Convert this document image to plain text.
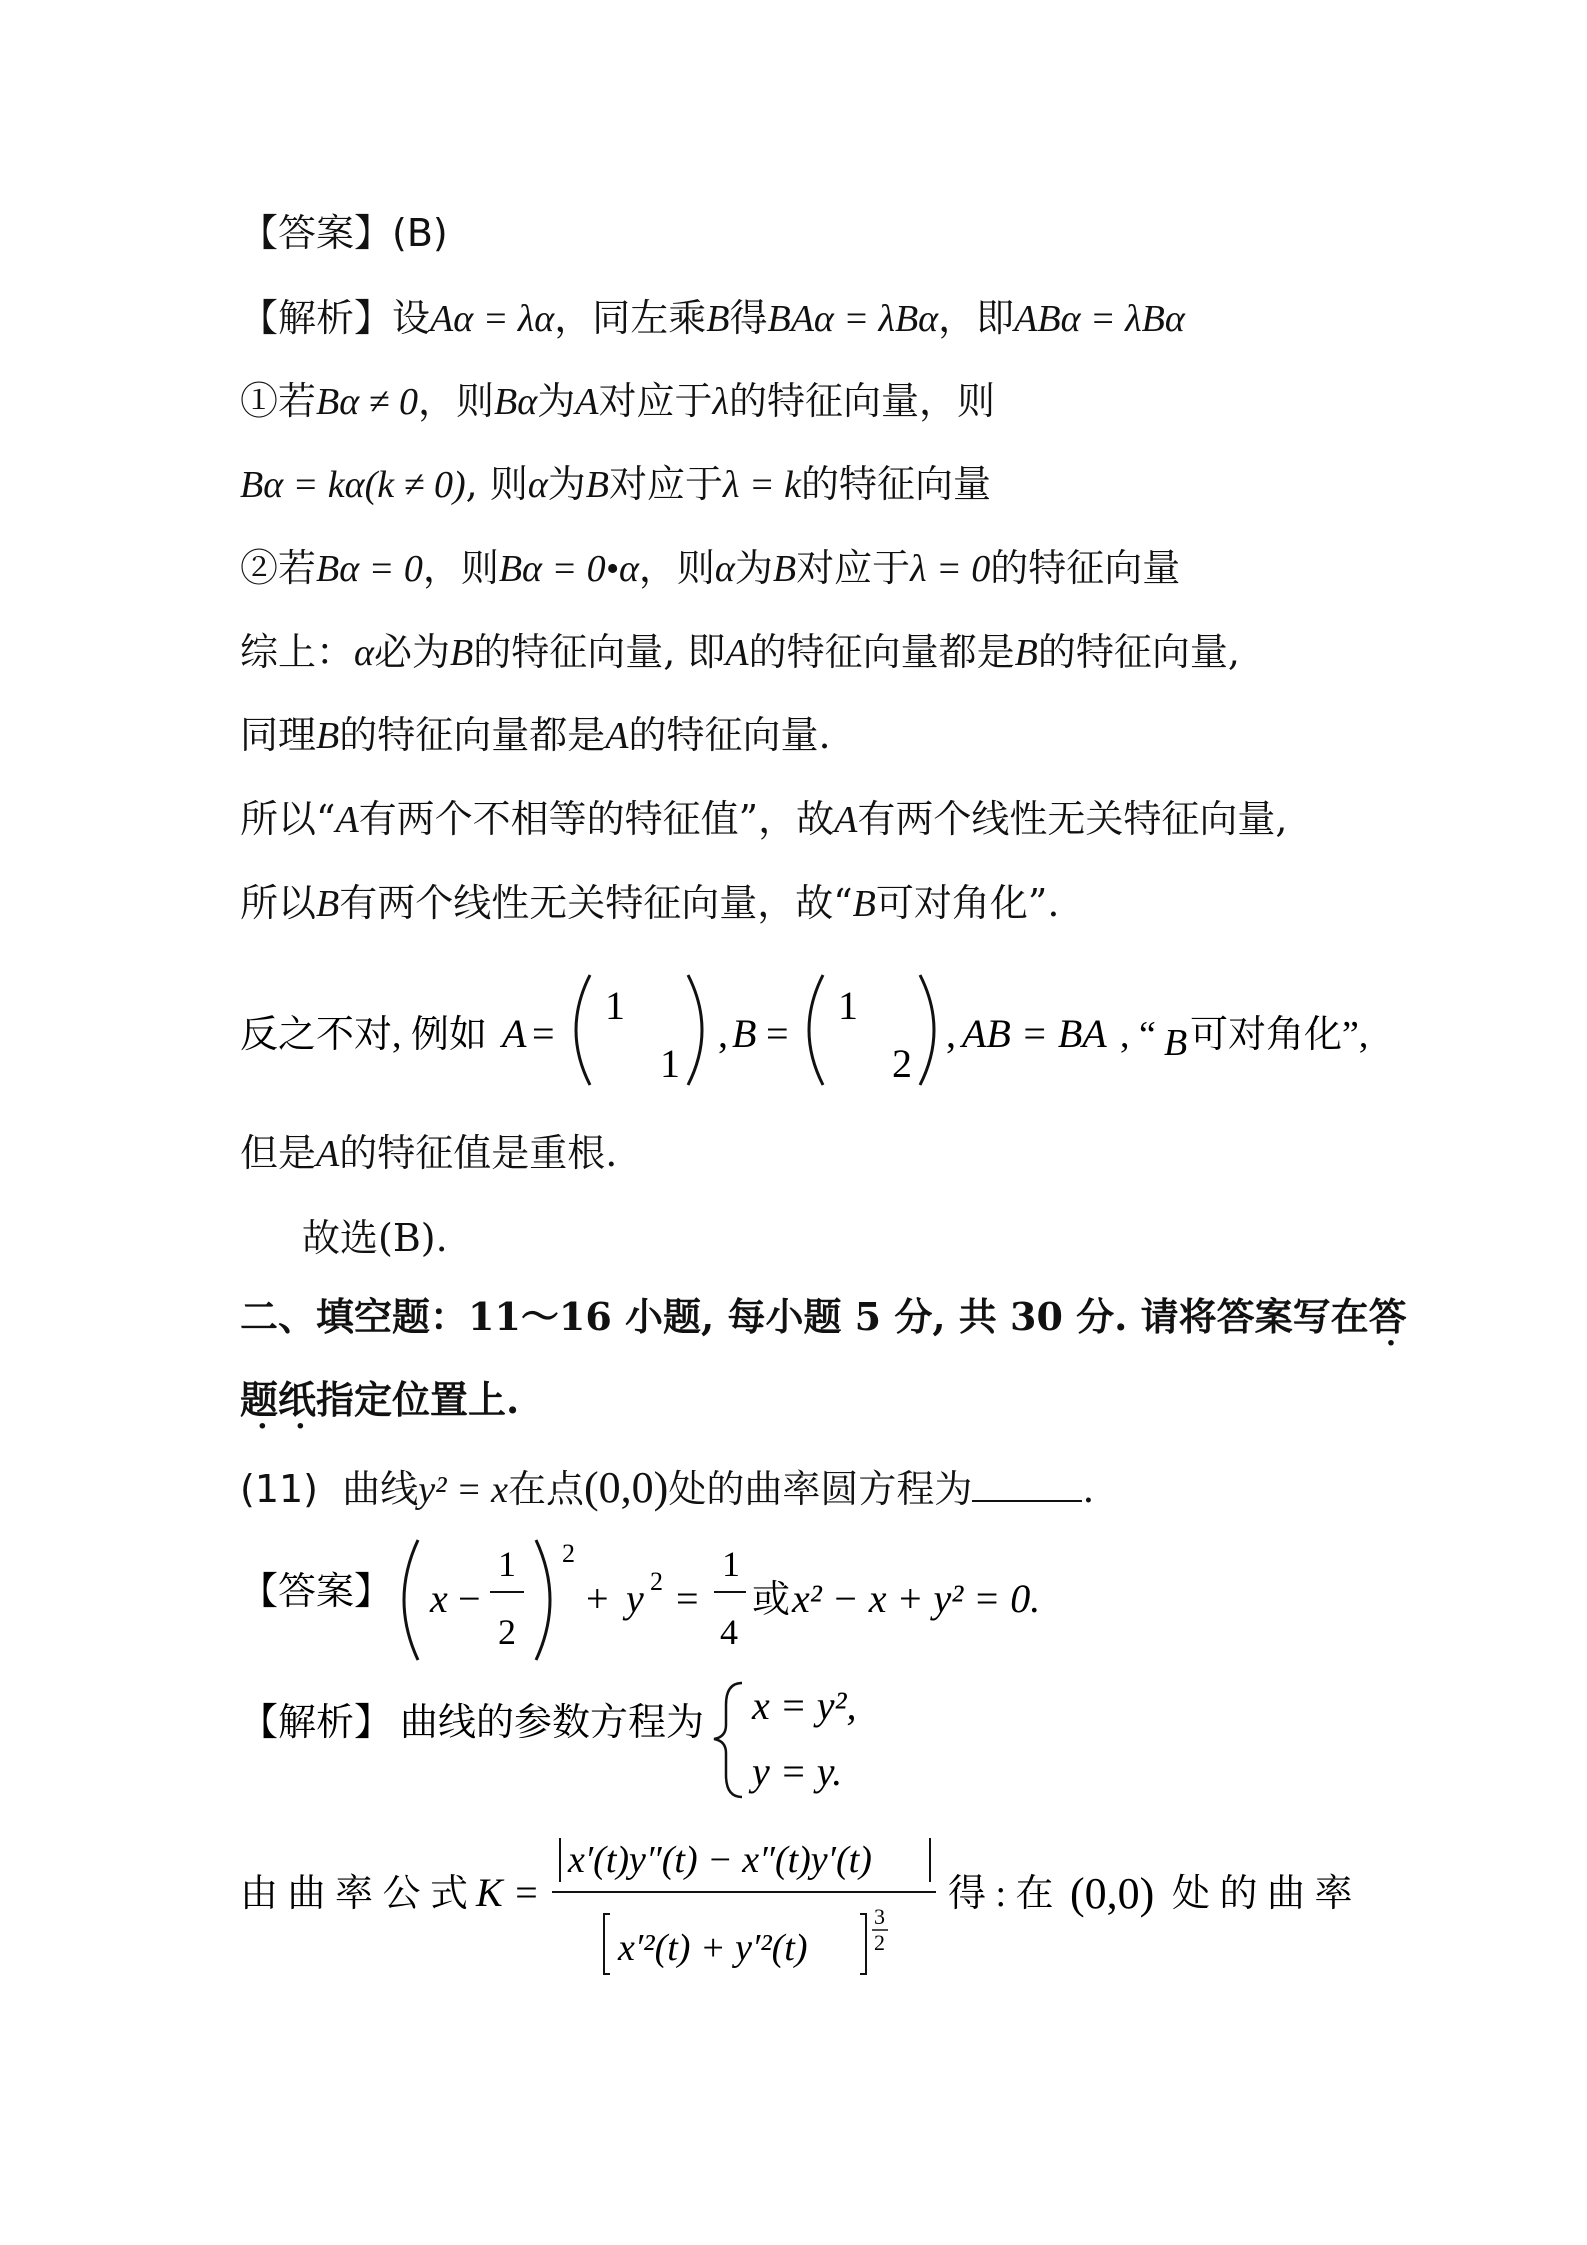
【答案】(B)
【解析】设Aα = λα，同左乘B得BAα = λBα，即ABα = λBα
①若Bα ≠ 0，则Bα为A对应于λ的特征向量，则
Bα = kα(k ≠ 0), 则α为B对应于λ = k的特征向量
②若Bα = 0，则Bα = 0•α，则α为B对应于λ = 0的特征向量
综上：α必为B的特征向量, 即A的特征向量都是B的特征向量,
同理B的特征向量都是A的特征向量.
所以“A有两个不相等的特征值”，故A有两个线性无关特征向量,
所以B有两个线性无关特征向量，故“B可对角化”.
反之不对, 例如 A =
1
1
, B =
1
2
, AB = BA , “ B 可对角化”,
但是A的特征值是重根.
故选(B).
二、填空题：11～16 小题, 每小题 5 分, 共 30 分. 请将答案写在答
题纸指定位置上.
(11) 曲线y² = x在点(0,0)处的曲率圆方程为	.
【答案】 x −
1
2
2
+ y 2 =
1
4
或 x² − x + y² = 0.
【解析】 曲线的参数方程为 x = y²,
y = y.
由 曲 率 公 式 K =
x′(t)y″(t) − x″(t)y′(t)
x′²(t) + y′²(t)
3
2
得 : 在 (0,0) 处 的 曲 率
